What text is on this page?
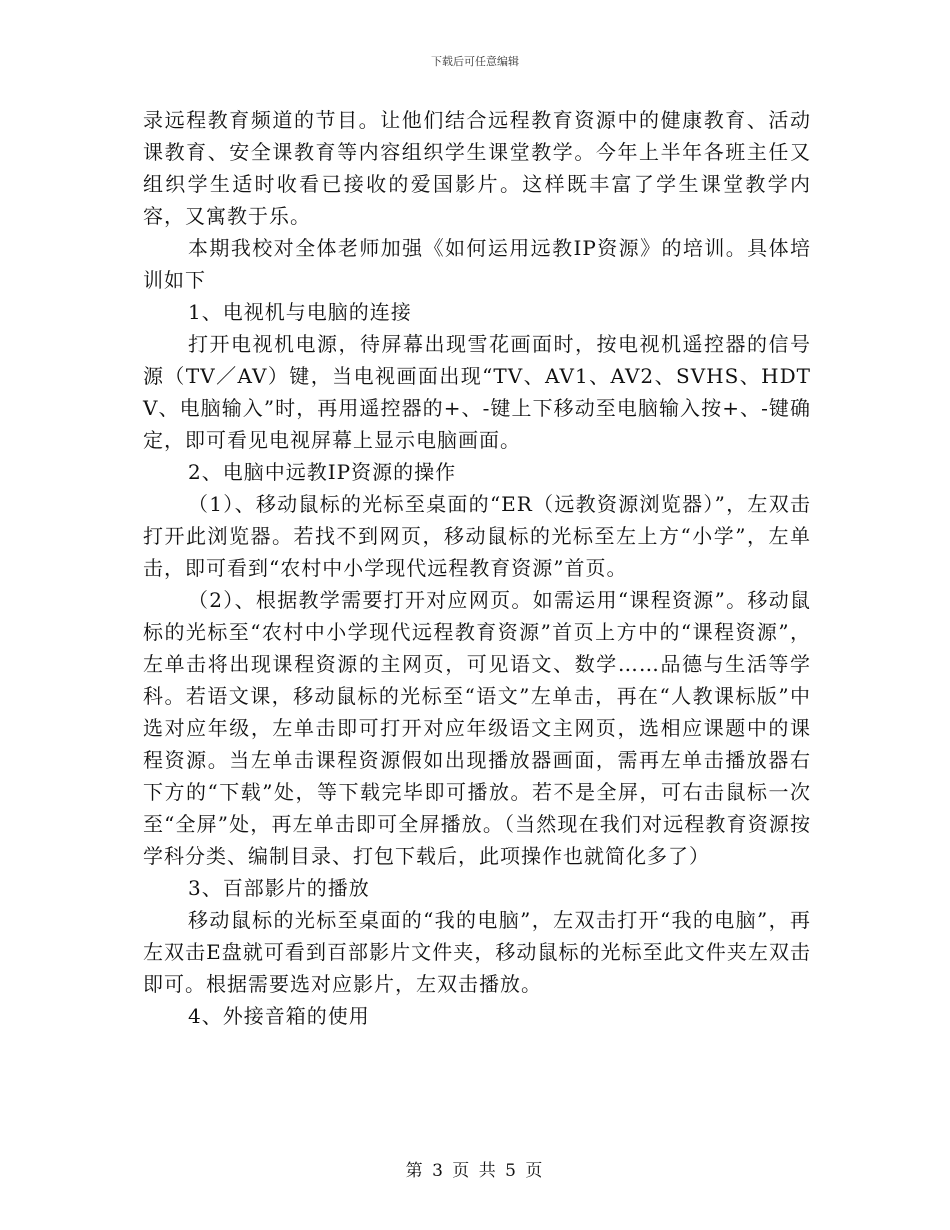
下载后可任意编辑

录远程教育频道的节目。让他们结合远程教育资源中的健康教育、活动课教育、安全课教育等内容组织学生课堂教学。今年上半年各班主任又组织学生适时收看已接收的爱国影片。这样既丰富了学生课堂教学内容，又寓教于乐。

本期我校对全体老师加强《如何运用远教IP资源》的培训。具体培训如下

1、电视机与电脑的连接

打开电视机电源，待屏幕出现雪花画面时，按电视机遥控器的信号源（TV／AV）键，当电视画面出现“TV、AV1、AV2、SVHS、HDTV、电脑输入”时，再用遥控器的+、-键上下移动至电脑输入按+、-键确定，即可看见电视屏幕上显示电脑画面。

2、电脑中远教IP资源的操作

（1）、移动鼠标的光标至桌面的“ER（远教资源浏览器）”，左双击打开此浏览器。若找不到网页，移动鼠标的光标至左上方“小学”，左单击，即可看到“农村中小学现代远程教育资源”首页。

（2）、根据教学需要打开对应网页。如需运用“课程资源”。移动鼠标的光标至“农村中小学现代远程教育资源”首页上方中的“课程资源”，左单击将出现课程资源的主网页，可见语文、数学……品德与生活等学科。若语文课，移动鼠标的光标至“语文”左单击，再在“人教课标版”中选对应年级，左单击即可打开对应年级语文主网页，选相应课题中的课程资源。当左单击课程资源假如出现播放器画面，需再左单击播放器右下方的“下载”处，等下载完毕即可播放。若不是全屏，可右击鼠标一次至“全屏”处，再左单击即可全屏播放。（当然现在我们对远程教育资源按学科分类、编制目录、打包下载后，此项操作也就简化多了）

3、百部影片的播放

移动鼠标的光标至桌面的“我的电脑”，左双击打开“我的电脑”，再左双击E盘就可看到百部影片文件夹，移动鼠标的光标至此文件夹左双击即可。根据需要选对应影片，左双击播放。

4、外接音箱的使用

第 3 页 共 5 页
